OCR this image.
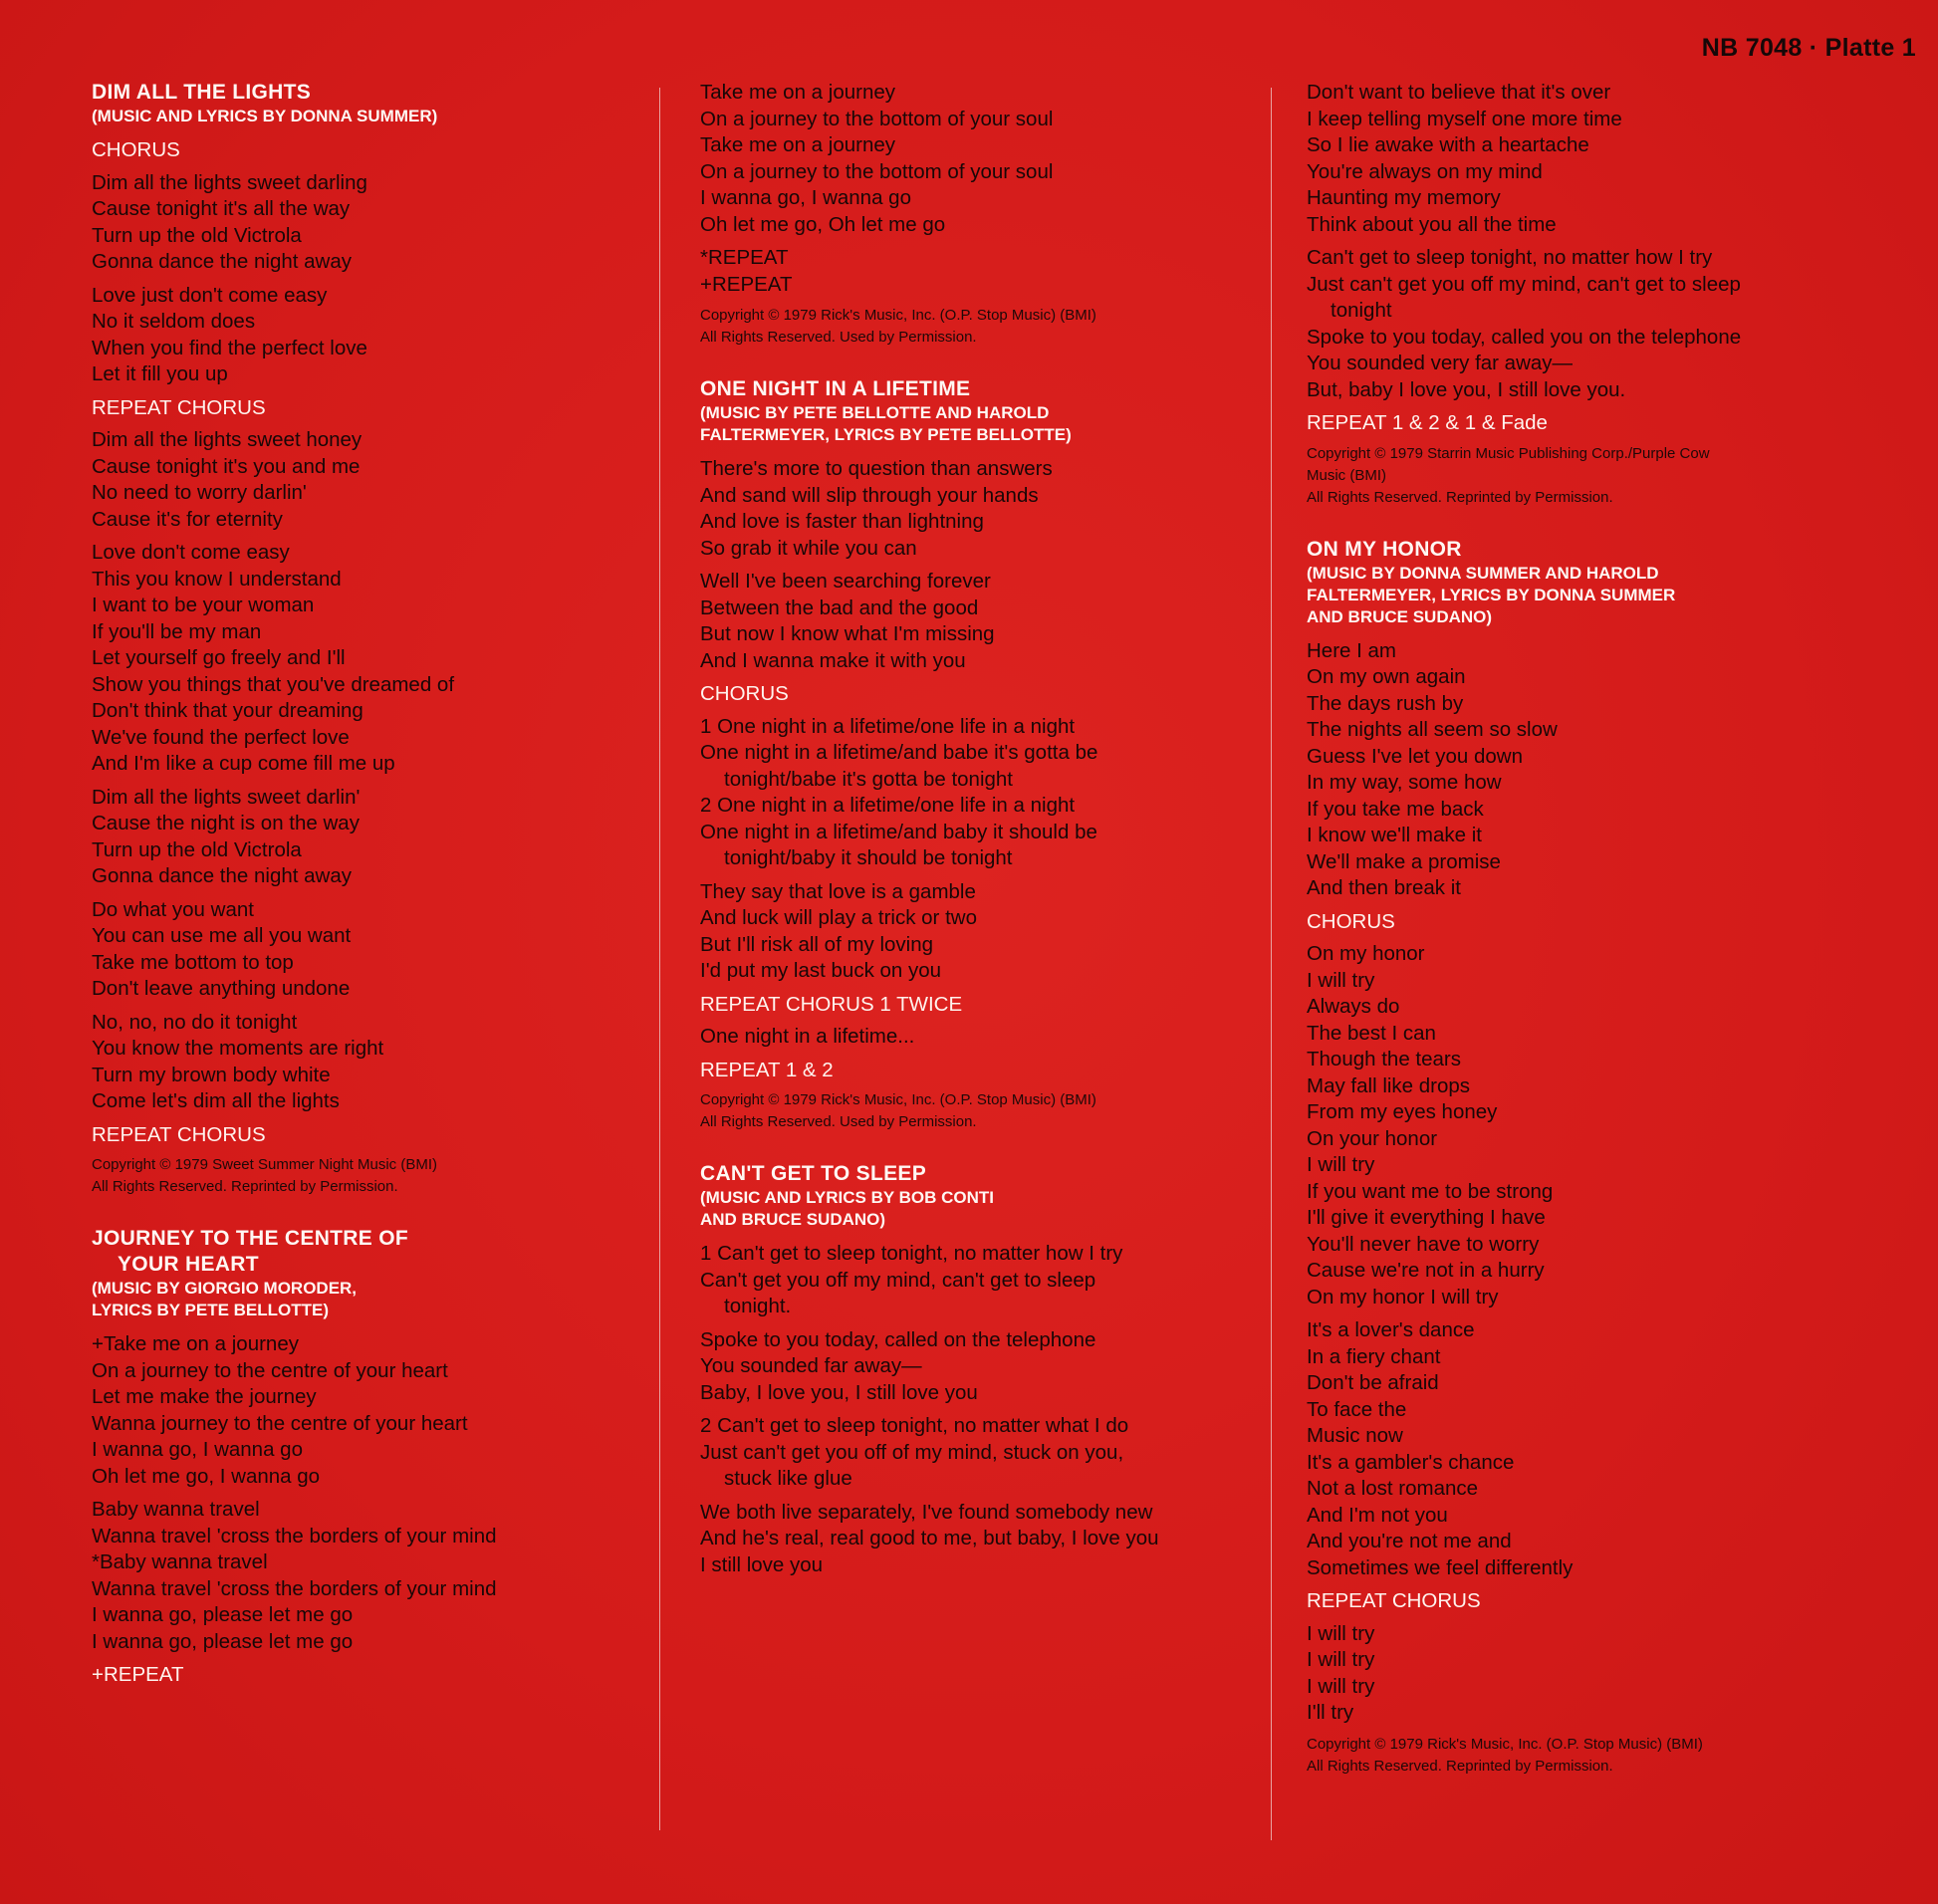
NB 7048 · Platte 1
DIM ALL THE LIGHTS
(MUSIC AND LYRICS BY DONNA SUMMER)
CHORUS
Dim all the lights sweet darling
Cause tonight it's all the way
Turn up the old Victrola
Gonna dance the night away
Love just don't come easy
No it seldom does
When you find the perfect love
Let it fill you up
REPEAT CHORUS
Dim all the lights sweet honey
Cause tonight it's you and me
No need to worry darlin'
Cause it's for eternity
Love don't come easy
This you know I understand
I want to be your woman
If you'll be my man
Let yourself go freely and I'll
Show you things that you've dreamed of
Don't think that your dreaming
We've found the perfect love
And I'm like a cup come fill me up
Dim all the lights sweet darlin'
Cause the night is on the way
Turn up the old Victrola
Gonna dance the night away
Do what you want
You can use me all you want
Take me bottom to top
Don't leave anything undone
No, no, no do it tonight
You know the moments are right
Turn my brown body white
Come let's dim all the lights
REPEAT CHORUS
Copyright © 1979 Sweet Summer Night Music (BMI)
All Rights Reserved. Reprinted by Permission.
JOURNEY TO THE CENTRE OF
YOUR HEART
(MUSIC BY GIORGIO MORODER,
LYRICS BY PETE BELLOTTE)
+Take me on a journey
On a journey to the centre of your heart
Let me make the journey
Wanna journey to the centre of your heart
I wanna go, I wanna go
Oh let me go, I wanna go
Baby wanna travel
Wanna travel 'cross the borders of your mind
*Baby wanna travel
Wanna travel 'cross the borders of your mind
I wanna go, please let me go
I wanna go, please let me go
+REPEAT
Take me on a journey
On a journey to the bottom of your soul
Take me on a journey
On a journey to the bottom of your soul
I wanna go, I wanna go
Oh let me go, Oh let me go
*REPEAT
+REPEAT
Copyright © 1979 Rick's Music, Inc. (O.P. Stop Music) (BMI)
All Rights Reserved. Used by Permission.
ONE NIGHT IN A LIFETIME
(MUSIC BY PETE BELLOTTE AND HAROLD
FALTERMEYER, LYRICS BY PETE BELLOTTE)
There's more to question than answers
And sand will slip through your hands
And love is faster than lightning
So grab it while you can
Well I've been searching forever
Between the bad and the good
But now I know what I'm missing
And I wanna make it with you
CHORUS
1 One night in a lifetime/one life in a night
One night in a lifetime/and babe it's gotta be
tonight/babe it's gotta be tonight
2 One night in a lifetime/one life in a night
One night in a lifetime/and baby it should be
tonight/baby it should be tonight
They say that love is a gamble
And luck will play a trick or two
But I'll risk all of my loving
I'd put my last buck on you
REPEAT CHORUS 1 TWICE
One night in a lifetime...
REPEAT 1 & 2
Copyright © 1979 Rick's Music, Inc. (O.P. Stop Music) (BMI)
All Rights Reserved. Used by Permission.
CAN'T GET TO SLEEP
(MUSIC AND LYRICS BY BOB CONTI
AND BRUCE SUDANO)
1 Can't get to sleep tonight, no matter how I try
Can't get you off my mind, can't get to sleep
tonight.
Spoke to you today, called on the telephone
You sounded far away—
Baby, I love you, I still love you
2 Can't get to sleep tonight, no matter what I do
Just can't get you off of my mind, stuck on you,
stuck like glue
We both live separately, I've found somebody new
And he's real, real good to me, but baby, I love you
I still love you
Don't want to believe that it's over
I keep telling myself one more time
So I lie awake with a heartache
You're always on my mind
Haunting my memory
Think about you all the time
Can't get to sleep tonight, no matter how I try
Just can't get you off my mind, can't get to sleep
tonight
Spoke to you today, called you on the telephone
You sounded very far away—
But, baby I love you, I still love you.
REPEAT 1 & 2 & 1 & Fade
Copyright © 1979 Starrin Music Publishing Corp./Purple Cow
Music (BMI)
All Rights Reserved. Reprinted by Permission.
ON MY HONOR
(MUSIC BY DONNA SUMMER AND HAROLD
FALTERMEYER, LYRICS BY DONNA SUMMER
AND BRUCE SUDANO)
Here I am
On my own again
The days rush by
The nights all seem so slow
Guess I've let you down
In my way, some how
If you take me back
I know we'll make it
We'll make a promise
And then break it
CHORUS
On my honor
I will try
Always do
The best I can
Though the tears
May fall like drops
From my eyes honey
On your honor
I will try
If you want me to be strong
I'll give it everything I have
You'll never have to worry
Cause we're not in a hurry
On my honor I will try
It's a lover's dance
In a fiery chant
Don't be afraid
To face the
Music now
It's a gambler's chance
Not a lost romance
And I'm not you
And you're not me and
Sometimes we feel differently
REPEAT CHORUS
I will try
I will try
I will try
I'll try
Copyright © 1979 Rick's Music, Inc. (O.P. Stop Music) (BMI)
All Rights Reserved. Reprinted by Permission.
